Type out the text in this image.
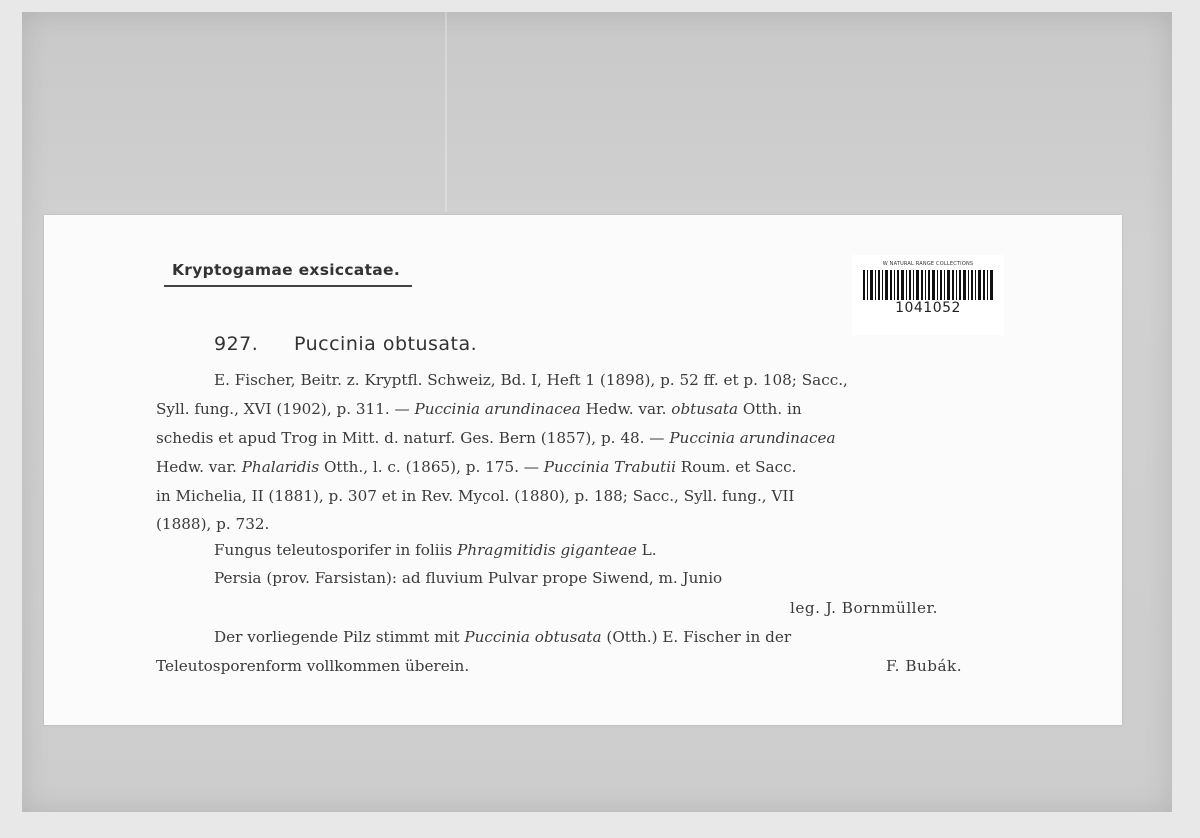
Kryptogamae exsiccatae.	W NATURAL RANGE COLLECTIONS
1041052
927. Puccinia obtusata.
E. Fischer, Beitr. z. Kryptfl. Schweiz, Bd. I, Heft 1 (1898), p. 52 ff. et p. 108; Sacc.,
Syll. fung., XVI (1902), p. 311. — Puccinia arundinacea Hedw. var. obtusata Otth. in
schedis et apud Trog in Mitt. d. naturf. Ges. Bern (1857), p. 48. — Puccinia arundinacea
Hedw. var. Phalaridis Otth., l. c. (1865), p. 175. — Puccinia Trabutii Roum. et Sacc.
in Michelia, II (1881), p. 307 et in Rev. Mycol. (1880), p. 188; Sacc., Syll. fung., VII
(1888), p. 732.
Fungus teleutosporifer in foliis Phragmitidis giganteae L.
Persia (prov. Farsistan): ad fluvium Pulvar prope Siwend, m. Junio
leg. J. Bornmüller.
Der vorliegende Pilz stimmt mit Puccinia obtusata (Otth.) E. Fischer in der
Teleutosporenform vollkommen überein.	F. Bubák.
